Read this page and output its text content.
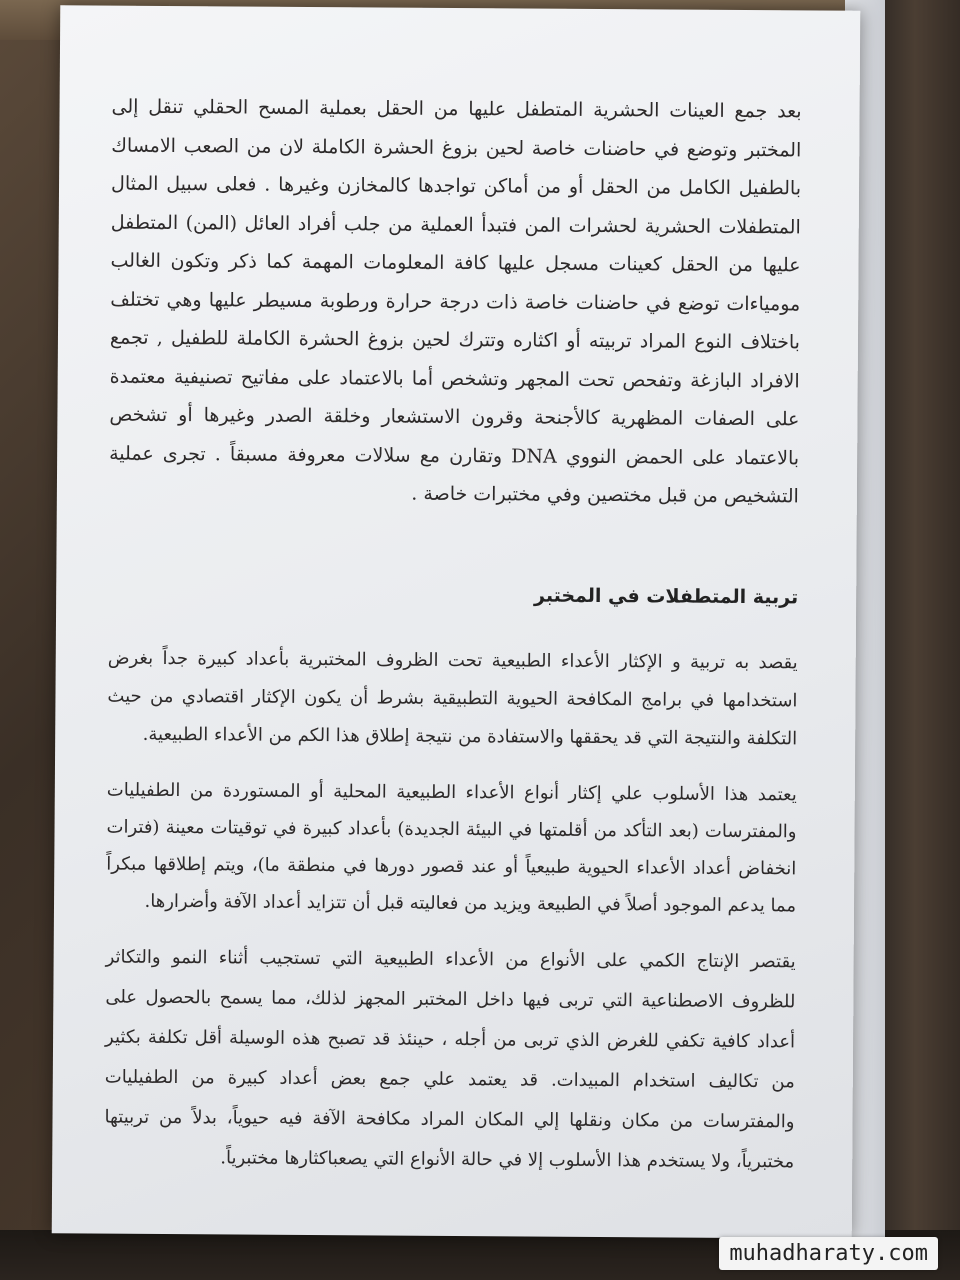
بعد جمع العينات الحشرية المتطفل عليها من الحقل بعملية المسح الحقلي تنقل إلى المختبر وتوضع في حاضنات خاصة لحين بزوغ الحشرة الكاملة لان من الصعب الامساك بالطفيل الكامل من الحقل أو من أماكن تواجدها كالمخازن وغيرها . فعلى سبيل المثال المتطفلات الحشرية لحشرات المن فتبدأ العملية من جلب أفراد العائل (المن) المتطفل عليها من الحقل كعينات مسجل عليها كافة المعلومات المهمة كما ذكر وتكون الغالب مومياءات توضع في حاضنات خاصة ذات درجة حرارة ورطوبة مسيطر عليها وهي تختلف باختلاف النوع المراد تربيته أو اكثاره وتترك لحين بزوغ الحشرة الكاملة للطفيل , تجمع الافراد البازغة وتفحص تحت المجهر وتشخص أما بالاعتماد على مفاتيح تصنيفية معتمدة على الصفات المظهرية كالأجنحة وقرون الاستشعار وخلقة الصدر وغيرها أو تشخص بالاعتماد على الحمض النووي DNA وتقارن مع سلالات معروفة مسبقاً . تجرى عملية التشخيص من قبل مختصين وفي مختبرات خاصة .
تربية المتطفلات في المختبر
يقصد به تربية و الإكثار الأعداء الطبيعية تحت الظروف المختبرية بأعداد كبيرة جداً بغرض استخدامها في برامج المكافحة الحيوية التطبيقية بشرط أن يكون الإكثار اقتصادي من حيث التكلفة والنتيجة التي قد يحققها والاستفادة من نتيجة إطلاق هذا الكم من الأعداء الطبيعية.
يعتمد هذا الأسلوب علي إكثار أنواع الأعداء الطبيعية المحلية أو المستوردة من الطفيليات والمفترسات (بعد التأكد من أقلمتها في البيئة الجديدة) بأعداد كبيرة في توقيتات معينة (فترات انخفاض أعداد الأعداء الحيوية طبيعياً أو عند قصور دورها في منطقة ما)، ويتم إطلاقها مبكراً مما يدعم الموجود أصلاً في الطبيعة ويزيد من فعاليته قبل أن تتزايد أعداد الآفة وأضرارها.
يقتصر الإنتاج الكمي على الأنواع من الأعداء الطبيعية التي تستجيب أثناء النمو والتكاثر للظروف الاصطناعية التي تربى فيها داخل المختبر المجهز لذلك، مما يسمح بالحصول على أعداد كافية تكفي للغرض الذي تربى من أجله ، حينئذ قد تصبح هذه الوسيلة أقل تكلفة بكثير من تكاليف استخدام المبيدات. قد يعتمد علي جمع بعض أعداد كبيرة من الطفيليات والمفترسات من مكان ونقلها إلي المكان المراد مكافحة الآفة فيه حيوياً، بدلاً من تربيتها مختبرياً، ولا يستخدم هذا الأسلوب إلا في حالة الأنواع التي يصعباكثارها مختبرياً.
muhadharaty.com
